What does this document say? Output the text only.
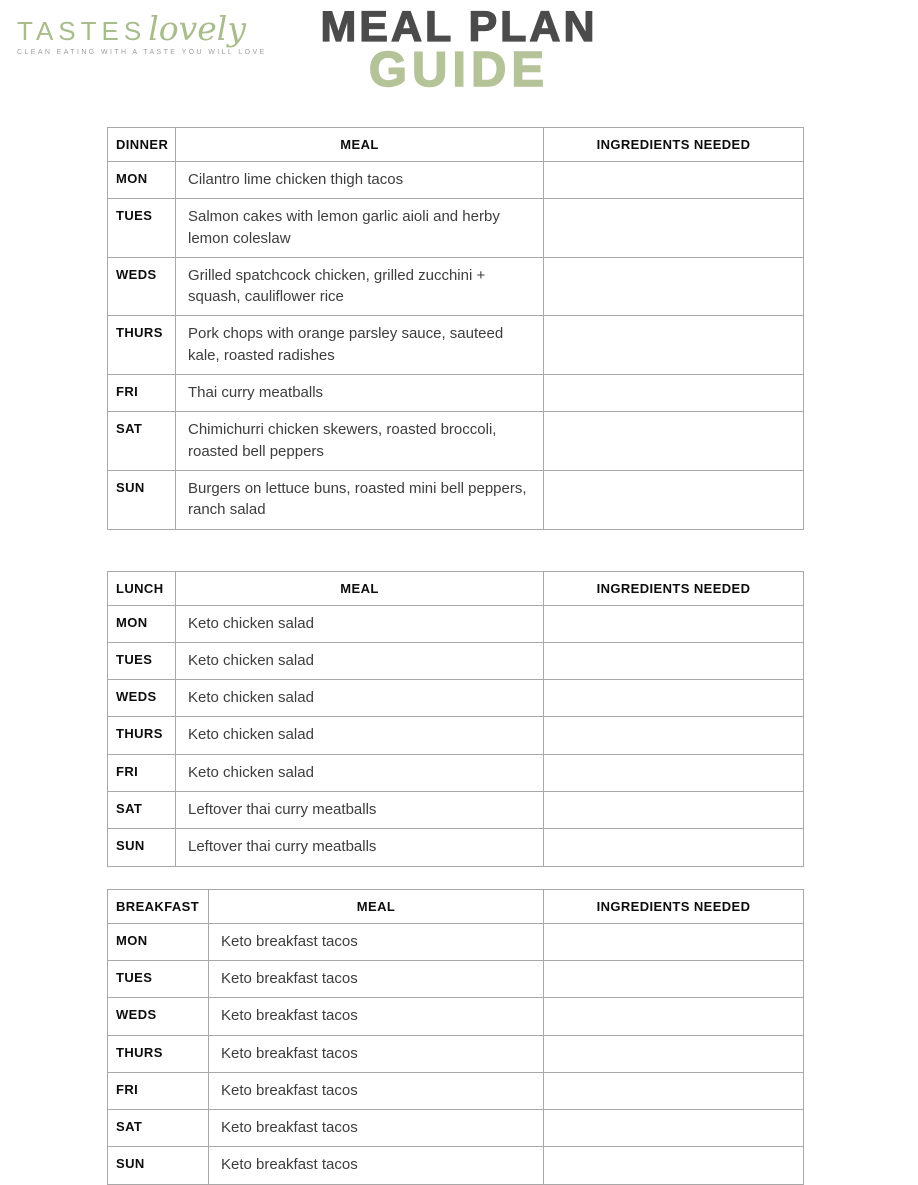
TASTESlovely
CLEAN EATING WITH A TASTE YOU WILL LOVE
MEAL PLAN
GUIDE
DINNER	MEAL	INGREDIENTS NEEDED
MON	Cilantro lime chicken thigh tacos	
TUES	Salmon cakes with lemon garlic aioli and herby lemon coleslaw	
WEDS	Grilled spatchcock chicken, grilled zucchini + squash, cauliflower rice	
THURS	Pork chops with orange parsley sauce, sauteed kale, roasted radishes	
FRI	Thai curry meatballs	
SAT	Chimichurri chicken skewers, roasted broccoli, roasted bell peppers	
SUN	Burgers on lettuce buns, roasted mini bell peppers, ranch salad	
LUNCH	MEAL	INGREDIENTS NEEDED
MON	Keto chicken salad	
TUES	Keto chicken salad	
WEDS	Keto chicken salad	
THURS	Keto chicken salad	
FRI	Keto chicken salad	
SAT	Leftover thai curry meatballs	
SUN	Leftover thai curry meatballs	
BREAKFAST	MEAL	INGREDIENTS NEEDED
MON	Keto breakfast tacos	
TUES	Keto breakfast tacos	
WEDS	Keto breakfast tacos	
THURS	Keto breakfast tacos	
FRI	Keto breakfast tacos	
SAT	Keto breakfast tacos	
SUN	Keto breakfast tacos	
